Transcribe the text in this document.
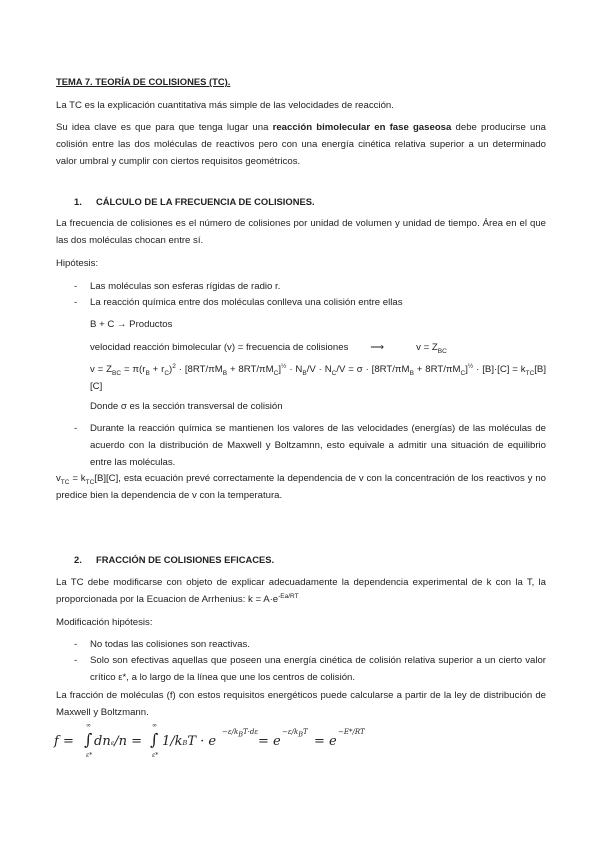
TEMA 7. TEORÍA DE COLISIONES (TC).
La TC es la explicación cuantitativa más simple de las velocidades de reacción.
Su idea clave es que para que tenga lugar una reacción bimolecular en fase gaseosa debe producirse una colisión entre las dos moléculas de reactivos pero con una energía cinética relativa superior a un determinado valor umbral y cumplir con ciertos requisitos geométricos.
1. CÁLCULO DE LA FRECUENCIA DE COLISIONES.
La frecuencia de colisiones es el número de colisiones por unidad de volumen y unidad de tiempo. Área en el que las dos moléculas chocan entre sí.
Hipótesis:
- Las moléculas son esferas rígidas de radio r.
- La reacción química entre dos moléculas conlleva una colisión entre ellas
B + C → Productos
velocidad reacción bimolecular (v) = frecuencia de colisiones ⟶	$v = Z_{BC}$
$v = Z_{BC} = \pi(r_B + r_C)^2 \cdot [8RT/\pi M_B + 8RT/\pi M_C]^{\frac{1}{2}} \cdot N_B/V \cdot N_C/V = \sigma \cdot [8RT/\pi M_B + 8RT/\pi M_C]^{\frac{1}{2}} \cdot [B]\cdot[C] = k_{TC}[B][C]$
Donde σ es la sección transversal de colisión
- Durante la reacción química se mantienen los valores de las velocidades (energías) de las moléculas de acuerdo con la distribución de Maxwell y Boltzamnn, esto equivale a admitir una situación de equilibrio entre las moléculas.
$v_{TC} = k_{TC}[B][C]$, esta ecuación prevé correctamente la dependencia de v con la concentración de los reactivos y no predice bien la dependencia de v con la temperatura.
2. FRACCIÓN DE COLISIONES EFICACES.
La TC debe modificarse con objeto de explicar adecuadamente la dependencia experimental de k con la T, la proporcionada por la Ecuacion de Arrhenius: $k = A\cdot e^{-Ea/RT}$
Modificación hipótesis:
- No todas las colisiones son reactivas.
- Solo son efectivas aquellas que poseen una energía cinética de colisión relativa superior a un cierto valor crítico ε*, a lo largo de la línea que une los centros de colisión.
La fracción de moléculas (f) con estos requisitos energéticos puede calcularse a partir de la ley de distribución de Maxwell y Boltzmann.
f =
∞
∫
ε*
dnε/n =
∞
∫
ε*
1/kBT · e
$-\varepsilon/k_BT\cdot d\varepsilon$
= e
$-\varepsilon/k_BT$
= e
−E*/RT
